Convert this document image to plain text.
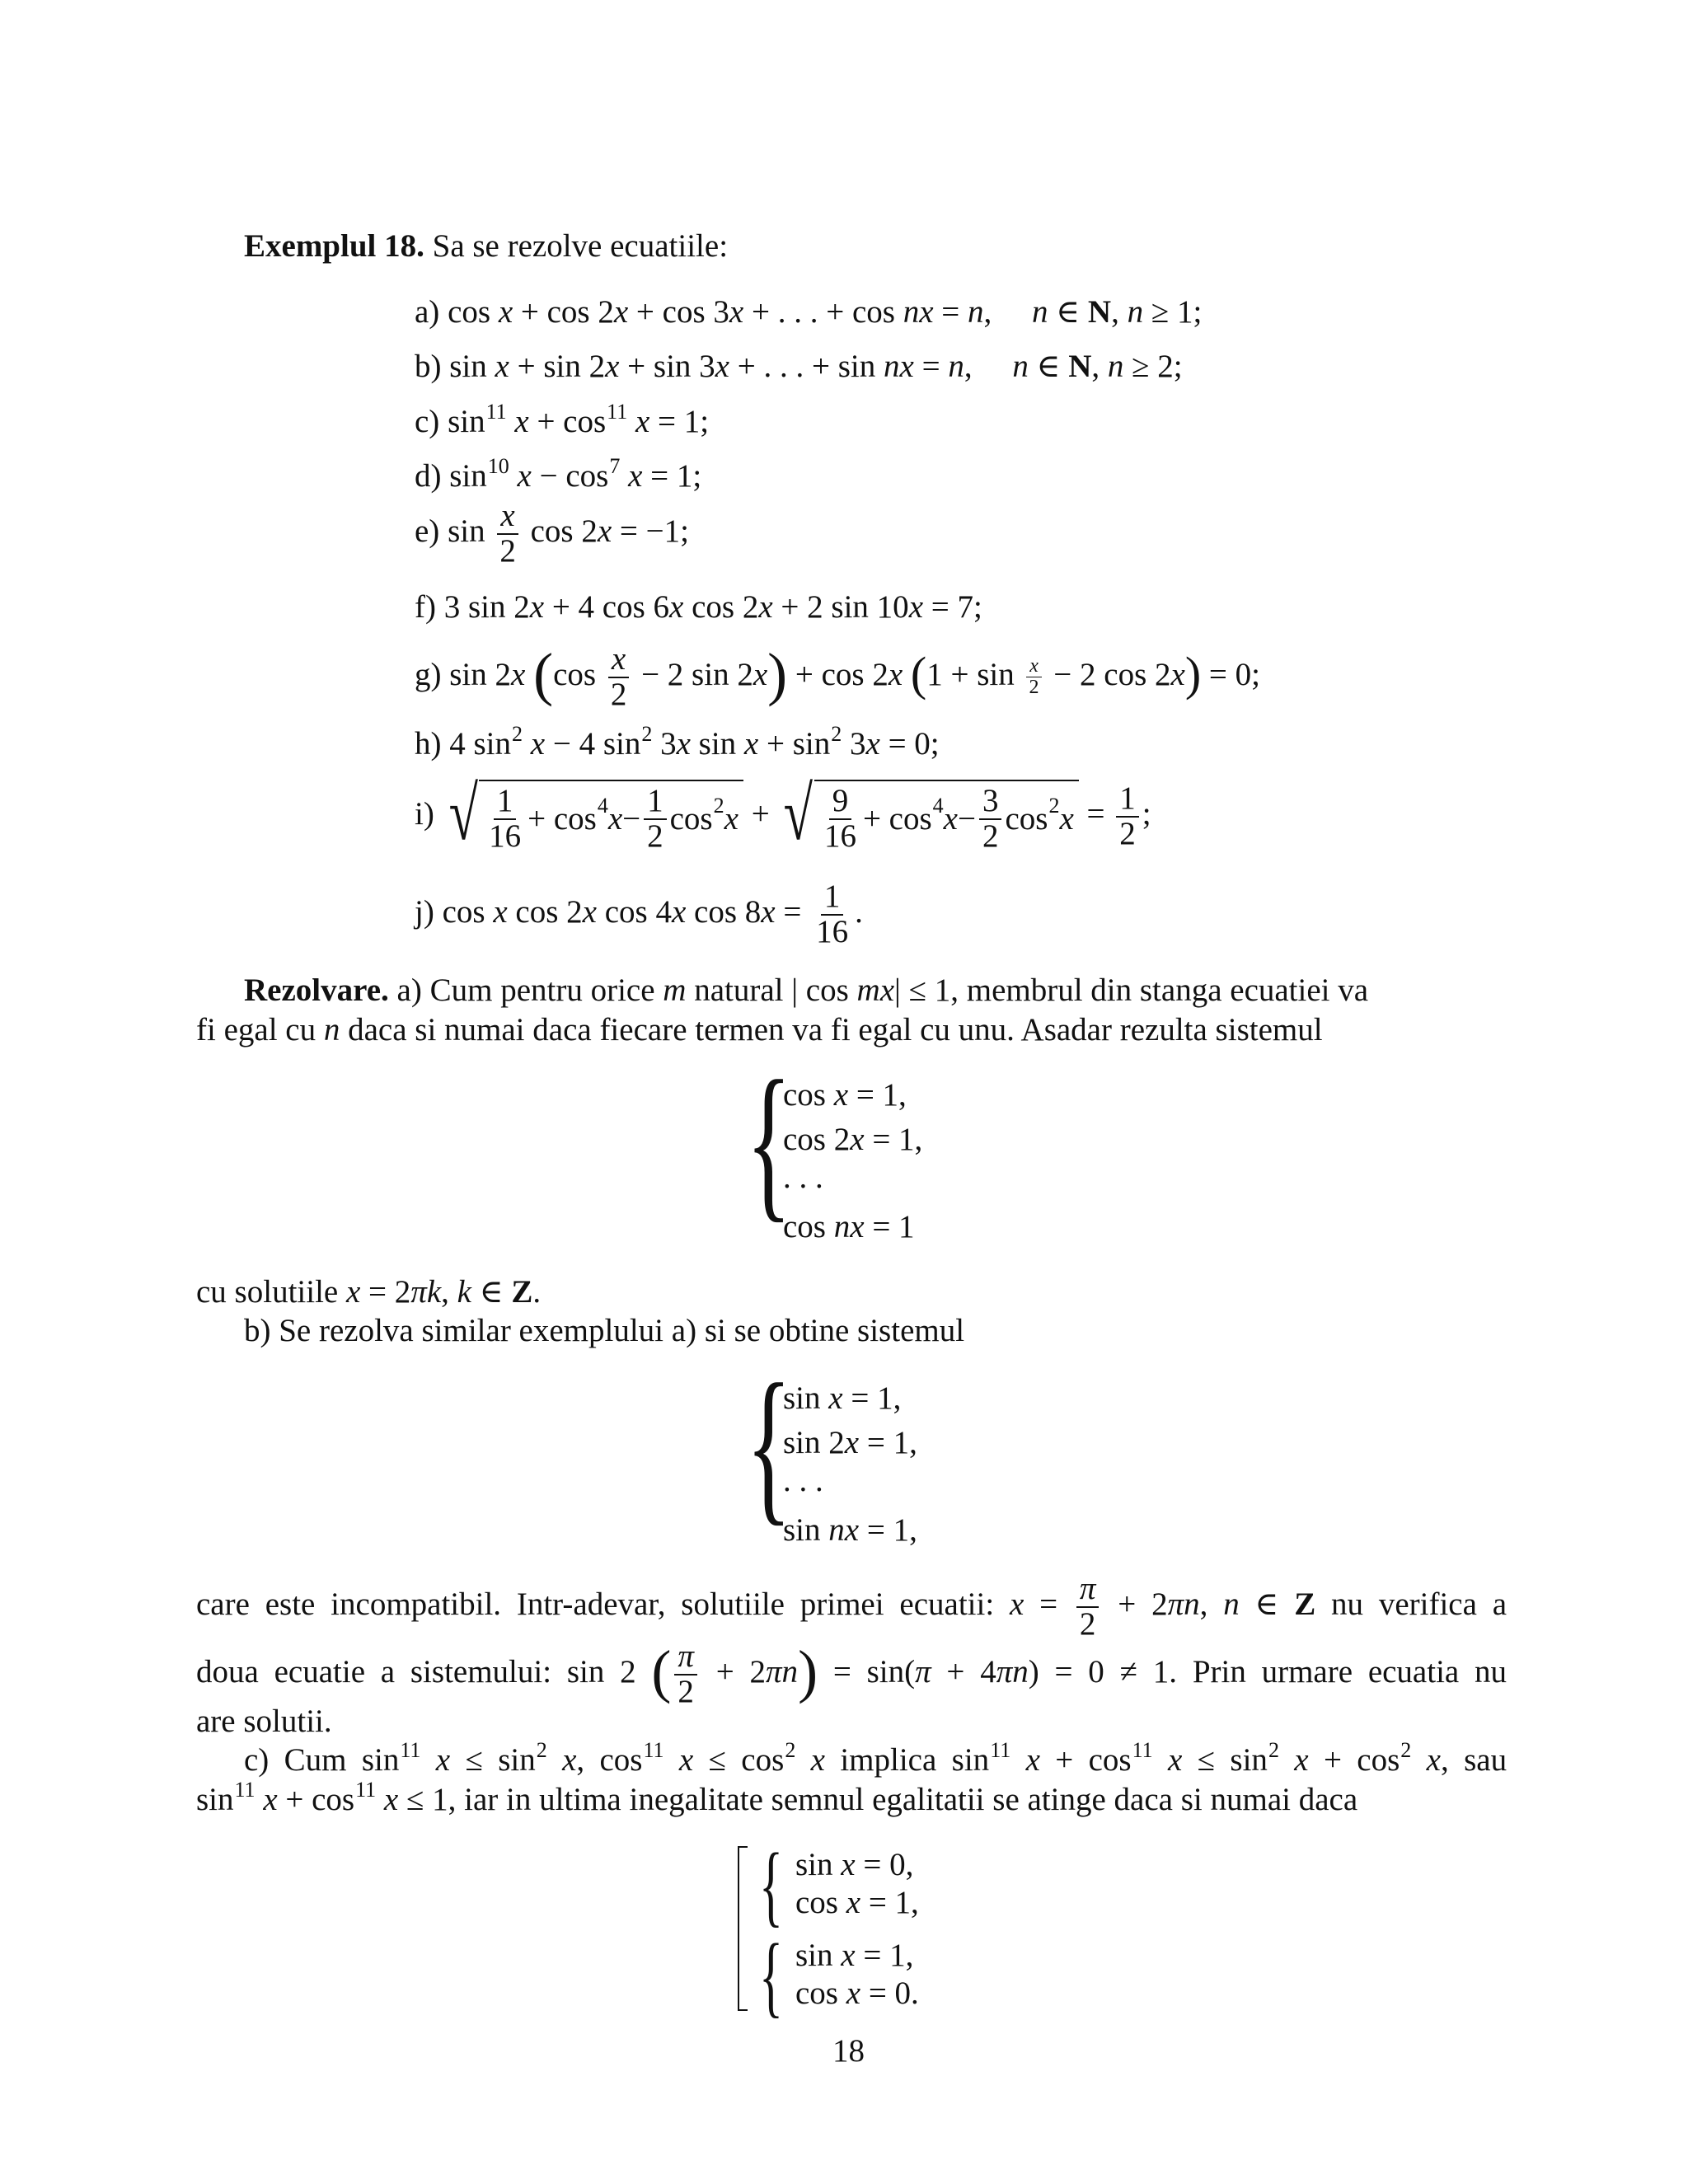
Exemplul 18. Sa se rezolve ecuatiile:
a) cos x + cos 2x + cos 3x + . . . + cos nx = n,     n ∈ N, n ≥ 1;
b) sin x + sin 2x + sin 3x + . . . + sin nx = n,     n ∈ N, n ≥ 2;
c) $\sin^{11} x + \cos^{11} x = 1$;
d) $\sin^{10} x - \cos^7 x = 1$;
e) $\sin \frac{x}{2}$ cos 2x = −1;
f) 3 sin 2x + 4 cos 6x cos 2x + 2 sin 10x = 7;
g) sin 2x ($\cos \frac{x}{2} - 2$ sin 2x) + cos 2x ($1 + \sin \frac{x}{2} - 2$ cos 2x) = 0;
h) 4 $\sin^2 x - 4$ $\sin^2 3x$ $\sin x + \sin^2 3x = 0$;
i) √ $\frac{1}{16} + \cos^4 x - \frac{1}{2} \cos^2 x$ + √ $\frac{9}{16} + \cos^4 x - \frac{3}{2} \cos^2 x = \frac{1}{2}$ ;
j) cos x cos 2x cos 4x $\cos 8x = \frac{1}{16}$ .
Rezolvare. a) Cum pentru orice m natural | cos mx| ≤ 1, membrul din stanga ecuatiei va
fi egal cu n daca si numai daca fiecare termen va fi egal cu unu. Asadar rezulta sistemul
{
cos x = 1,
cos 2x = 1,
. . .
cos nx = 1
cu solutiile x = 2πk, k ∈ Z.
b) Se rezolva similar exemplului a) si se obtine sistemul
{
sin x = 1,
sin 2x = 1,
. . .
sin nx = 1,
care este incompatibil. Intr-adevar, solutiile primei ecuatii: $x = \frac{\pi}{2} + 2\pi n$, n ∈ Z nu verifica a
doua ecuatie a sistemului: sin 2 ( $\frac{\pi}{2} + 2\pi n) = \sin(\pi + 4\pi n) = 0 \ne 1$. Prin urmare ecuatia nu
are solutii.
c) Cum $\sin^{11} x \le \sin^2 x$, $\cos^{11} x \le \cos^2 x$ implica $\sin^{11} x + \cos^{11} x \le \sin^2 x + \cos^2 x$, sau
$\sin^{11} x + \cos^{11} x \le 1$, iar in ultima inegalitate semnul egalitatii se atinge daca si numai daca
{ sin x = 0,
cos x = 1,
{ sin x = 1,
cos x = 0.
18
